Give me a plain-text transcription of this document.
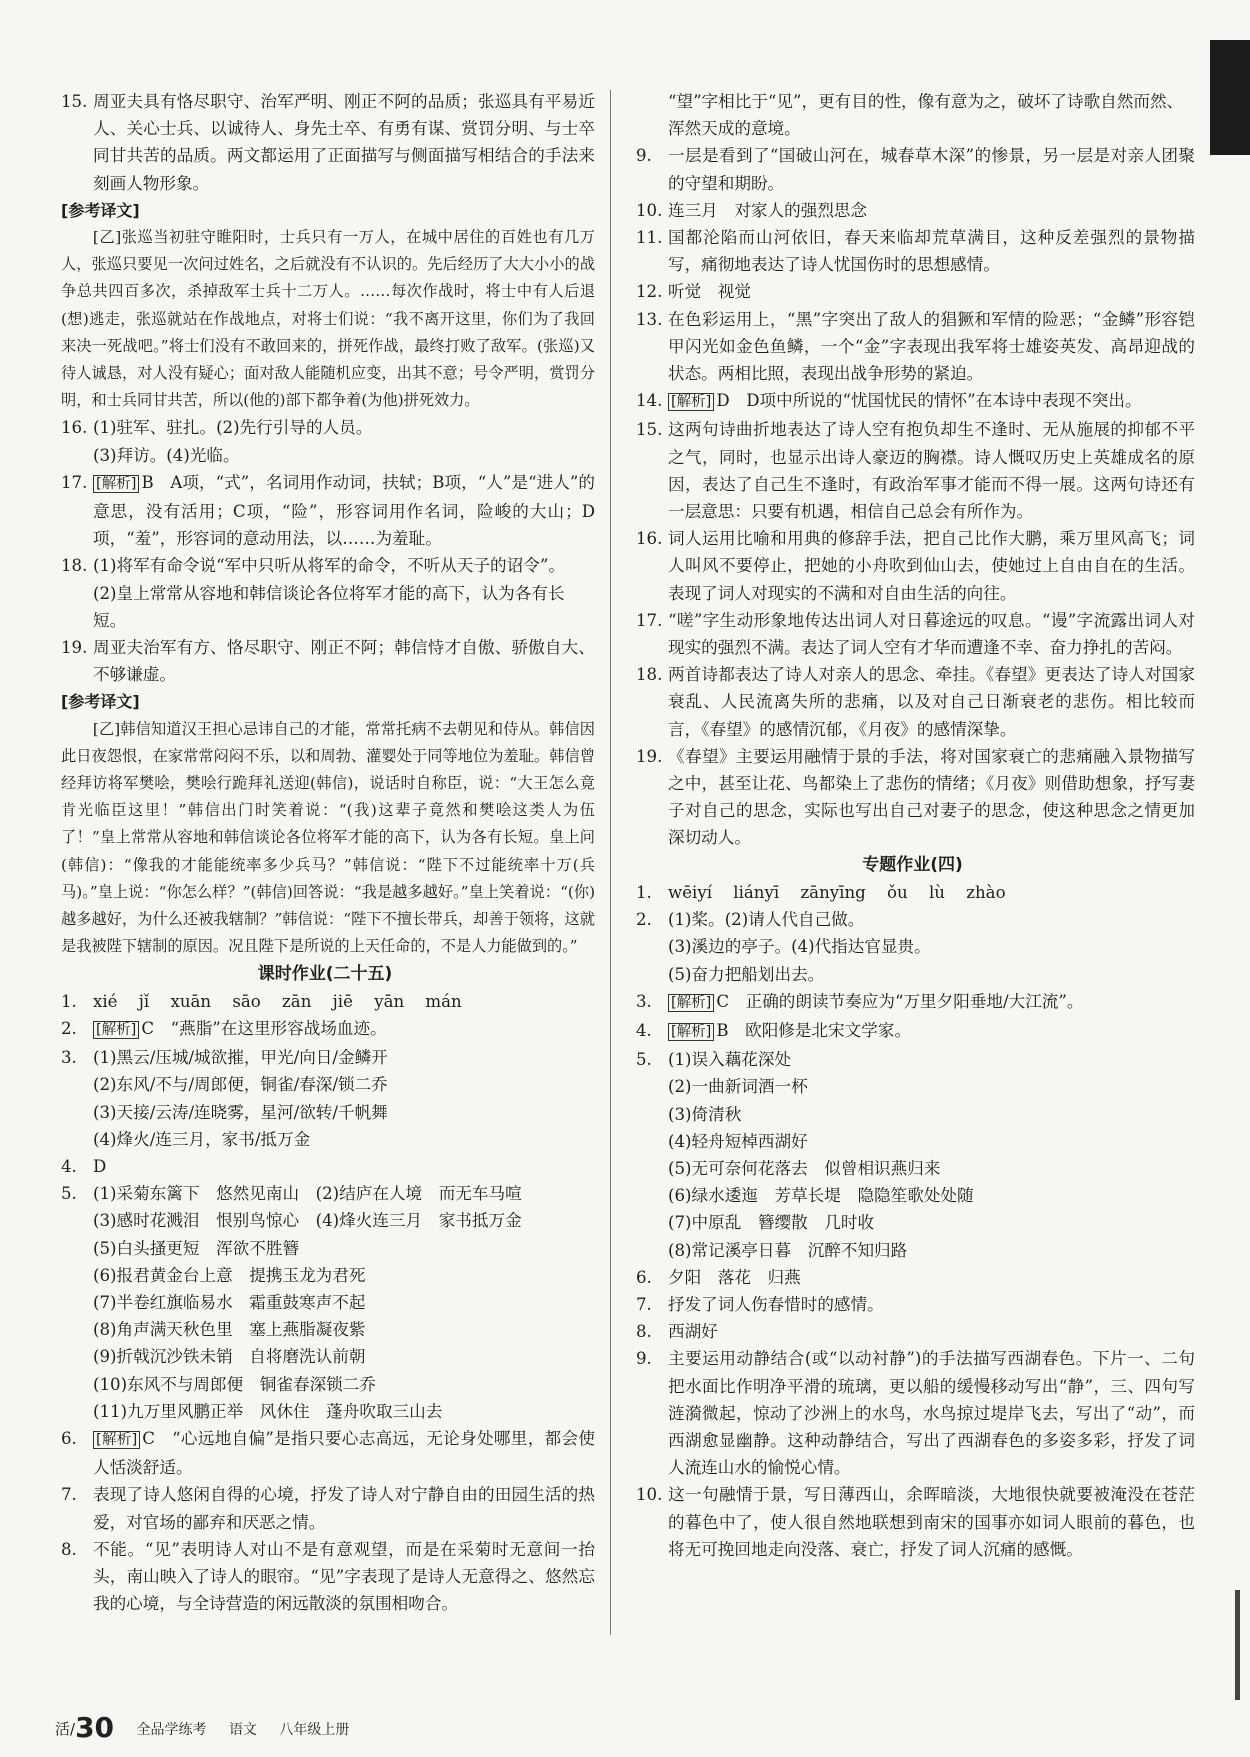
15. 周亚夫具有恪尽职守、治军严明、刚正不阿的品质；张巡具有平易近人、关心士兵、以诚待人、身先士卒、有勇有谋、赏罚分明、与士卒同甘共苦的品质。两文都运用了正面描写与侧面描写相结合的手法来刻画人物形象。
[参考译文]
[乙]张巡当初驻守睢阳时，士兵只有一万人，在城中居住的百姓也有几万人，张巡只要见一次问过姓名，之后就没有不认识的。先后经历了大大小小的战争总共四百多次，杀掉敌军士兵十二万人。……每次作战时，将士中有人后退(想)逃走，张巡就站在作战地点，对将士们说：“我不离开这里，你们为了我回来决一死战吧。”将士们没有不敢回来的，拼死作战，最终打败了敌军。(张巡)又待人诚恳，对人没有疑心；面对敌人能随机应变，出其不意；号令严明，赏罚分明，和士兵同甘共苦，所以(他的)部下都争着(为他)拼死效力。
16. (1)驻军、驻扎。(2)先行引导的人员。
(3)拜访。(4)光临。
17. [解析] B　A项，“式”，名词用作动词，扶轼；B项，“人”是“进人”的意思，没有活用；C项，“险”，形容词用作名词，险峻的大山；D项，“羞”，形容词的意动用法，以……为羞耻。
18. (1)将军有命令说“军中只听从将军的命令，不听从天子的诏令”。
(2)皇上常常从容地和韩信谈论各位将军才能的高下，认为各有长短。
19. 周亚夫治军有方、恪尽职守、刚正不阿；韩信恃才自傲、骄傲自大、不够谦虚。
[参考译文]
[乙]韩信知道汉王担心忌讳自己的才能，常常托病不去朝见和侍从。韩信因此日夜怨恨，在家常常闷闷不乐，以和周勃、灌婴处于同等地位为羞耻。韩信曾经拜访将军樊哙，樊哙行跪拜礼送迎(韩信)，说话时自称臣，说：“大王怎么竟肯光临臣这里！”韩信出门时笑着说：“(我)这辈子竟然和樊哙这类人为伍了！”皇上常常从容地和韩信谈论各位将军才能的高下，认为各有长短。皇上问(韩信)：“像我的才能能统率多少兵马？”韩信说：“陛下不过能统率十万(兵马)。”皇上说：“你怎么样？”(韩信)回答说：“我是越多越好。”皇上笑着说：“(你)越多越好，为什么还被我辖制？”韩信说：“陛下不擅长带兵，却善于领将，这就是我被陛下辖制的原因。况且陛下是所说的上天任命的，不是人力能做到的。”
课时作业(二十五)
1. xié jǐ xuān sāo zān jiē yān mán
2. [解析] C　“燕脂”在这里形容战场血迹。
3. (1)黑云/压城/城欲摧，甲光/向日/金鳞开
(2)东风/不与/周郎便，铜雀/春深/锁二乔
(3)天接/云涛/连晓雾，星河/欲转/千帆舞
(4)烽火/连三月，家书/抵万金
4. D
5. (1)采菊东篱下　悠然见南山　(2)结庐在人境　而无车马喧
(3)感时花溅泪　恨别鸟惊心　(4)烽火连三月　家书抵万金
(5)白头搔更短　浑欲不胜簪
(6)报君黄金台上意　提携玉龙为君死
(7)半卷红旗临易水　霜重鼓寒声不起
(8)角声满天秋色里　塞上燕脂凝夜紫
(9)折戟沉沙铁未销　自将磨洗认前朝
(10)东风不与周郎便　铜雀春深锁二乔
(11)九万里风鹏正举　风休住　蓬舟吹取三山去
6. [解析] C　“心远地自偏”是指只要心志高远，无论身处哪里，都会使人恬淡舒适。
7. 表现了诗人悠闲自得的心境，抒发了诗人对宁静自由的田园生活的热爱，对官场的鄙弃和厌恶之情。
8. 不能。“见”表明诗人对山不是有意观望，而是在采菊时无意间一抬头，南山映入了诗人的眼帘。“见”字表现了是诗人无意得之、悠然忘我的心境，与全诗营造的闲远散淡的氛围相吻合。
“望”字相比于“见”，更有目的性，像有意为之，破坏了诗歌自然而然、浑然天成的意境。
9. 一层是看到了“国破山河在，城春草木深”的惨景，另一层是对亲人团聚的守望和期盼。
10. 连三月　对家人的强烈思念
11. 国都沦陷而山河依旧，春天来临却荒草满目，这种反差强烈的景物描写，痛彻地表达了诗人忧国伤时的思想感情。
12. 听觉　视觉
13. 在色彩运用上，“黑”字突出了敌人的猖獗和军情的险恶；“金鳞”形容铠甲闪光如金色鱼鳞，一个“金”字表现出我军将士雄姿英发、高昂迎战的状态。两相比照，表现出战争形势的紧迫。
14. [解析] D　D项中所说的“忧国忧民的情怀”在本诗中表现不突出。
15. 这两句诗曲折地表达了诗人空有抱负却生不逢时、无从施展的抑郁不平之气，同时，也显示出诗人豪迈的胸襟。诗人慨叹历史上英雄成名的原因，表达了自己生不逢时，有政治军事才能而不得一展。这两句诗还有一层意思：只要有机遇，相信自己总会有所作为。
16. 词人运用比喻和用典的修辞手法，把自己比作大鹏，乘万里风高飞；词人叫风不要停止，把她的小舟吹到仙山去，使她过上自由自在的生活。表现了词人对现实的不满和对自由生活的向往。
17. “嗟”字生动形象地传达出词人对日暮途远的叹息。“谩”字流露出词人对现实的强烈不满。表达了词人空有才华而遭逢不幸、奋力挣扎的苦闷。
18. 两首诗都表达了诗人对亲人的思念、牵挂。《春望》更表达了诗人对国家衰乱、人民流离失所的悲痛，以及对自己日渐衰老的悲伤。相比较而言，《春望》的感情沉郁，《月夜》的感情深挚。
19. 《春望》主要运用融情于景的手法，将对国家衰亡的悲痛融入景物描写之中，甚至让花、鸟都染上了悲伤的情绪；《月夜》则借助想象，抒写妻子对自己的思念，实际也写出自己对妻子的思念，使这种思念之情更加深切动人。
专题作业(四)
1. wēiyí liányī zānyīng ǒu lù zhào
2. (1)桨。(2)请人代自己做。
(3)溪边的亭子。(4)代指达官显贵。
(5)奋力把船划出去。
3. [解析] C　正确的朗读节奏应为“万里夕阳垂地/大江流”。
4. [解析] B　欧阳修是北宋文学家。
5. (1)误入藕花深处
(2)一曲新词酒一杯
(3)倚清秋
(4)轻舟短棹西湖好
(5)无可奈何花落去　似曾相识燕归来
(6)绿水逶迤　芳草长堤　隐隐笙歌处处随
(7)中原乱　簪缨散　几时收
(8)常记溪亭日暮　沉醉不知归路
6. 夕阳　落花　归燕
7. 抒发了词人伤春惜时的感情。
8. 西湖好
9. 主要运用动静结合(或“以动衬静”)的手法描写西湖春色。下片一、二句把水面比作明净平滑的琉璃，更以船的缓慢移动写出“静”，三、四句写涟漪微起，惊动了沙洲上的水鸟，水鸟掠过堤岸飞去，写出了“动”，而西湖愈显幽静。这种动静结合，写出了西湖春色的多姿多彩，抒发了词人流连山水的愉悦心情。
10. 这一句融情于景，写日薄西山，余晖暗淡，大地很快就要被淹没在苍茫的暮色中了，使人很自然地联想到南宋的国事亦如词人眼前的暮色，也将无可挽回地走向没落、衰亡，抒发了词人沉痛的感慨。
活/30 全品学练考 语文 八年级上册
